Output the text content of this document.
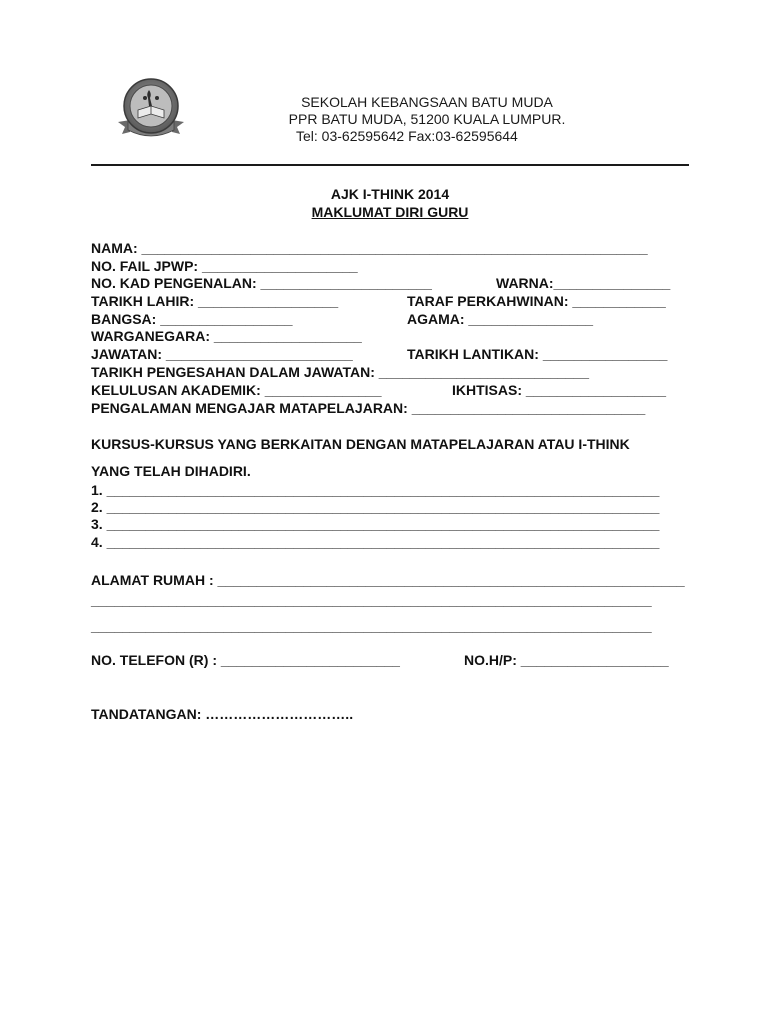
SEKOLAH KEBANGSAAN BATU MUDA
PPR BATU MUDA, 51200 KUALA LUMPUR.
Tel: 03-62595642 Fax:03-62595644
AJK I-THINK 2014
MAKLUMAT DIRI GURU
NAMA: _________________________________________________________________
NO. FAIL JPWP: ____________________
NO. KAD PENGENALAN: ______________________	WARNA:_______________
TARIKH LAHIR: __________________	TARAF PERKAHWINAN: ____________
BANGSA: _________________	AGAMA: ________________
WARGANEGARA: ___________________
JAWATAN: ________________________	TARIKH LANTIKAN: ________________
TARIKH PENGESAHAN DALAM JAWATAN: ___________________________
KELULUSAN AKADEMIK: _______________	IKHTISAS: __________________
PENGALAMAN MENGAJAR MATAPELAJARAN: ______________________________
KURSUS-KURSUS YANG BERKAITAN DENGAN MATAPELAJARAN ATAU I-THINK
YANG TELAH DIHADIRI.
1. _______________________________________________________________________
2. _______________________________________________________________________
3. _______________________________________________________________________
4. _______________________________________________________________________
ALAMAT RUMAH : ____________________________________________________________
________________________________________________________________________
________________________________________________________________________
NO. TELEFON (R) : _______________________	NO.H/P: ___________________
TANDATANGAN: …………………………..
